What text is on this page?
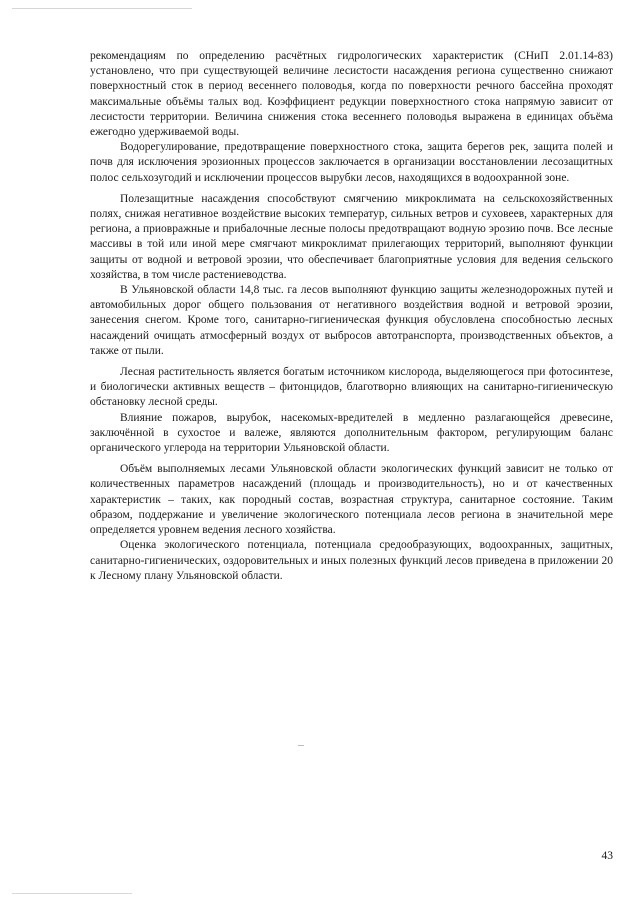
рекомендациям по определению расчётных гидрологических характеристик (СНиП 2.01.14-83) установлено, что при существующей величине лесистости насаждения региона существенно снижают поверхностный сток в период весеннего половодья, когда по поверхности речного бассейна проходят максимальные объёмы талых вод. Коэффициент редукции поверхностного стока напрямую зависит от лесистости территории. Величина снижения стока весеннего половодья выражена в единицах объёма ежегодно удерживаемой воды.

Водорегулирование, предотвращение поверхностного стока, защита берегов рек, защита полей и почв для исключения эрозионных процессов заключается в организации восстановлении лесозащитных полос сельхозугодий и исключении процессов вырубки лесов, находящихся в водоохранной зоне.

Полезащитные насаждения способствуют смягчению микроклимата на сельскохозяйственных полях, снижая негативное воздействие высоких температур, сильных ветров и суховеев, характерных для региона, а приовражные и прибалочные лесные полосы предотвращают водную эрозию почв. Все лесные массивы в той или иной мере смягчают микроклимат прилегающих территорий, выполняют функции защиты от водной и ветровой эрозии, что обеспечивает благоприятные условия для ведения сельского хозяйства, в том числе растениеводства.

В Ульяновской области 14,8 тыс. га лесов выполняют функцию защиты железнодорожных путей и автомобильных дорог общего пользования от негативного воздействия водной и ветровой эрозии, занесения снегом. Кроме того, санитарно-гигиеническая функция обусловлена способностью лесных насаждений очищать атмосферный воздух от выбросов автотранспорта, производственных объектов, а также от пыли.

Лесная растительность является богатым источником кислорода, выделяющегося при фотосинтезе, и биологически активных веществ – фитонцидов, благотворно влияющих на санитарно-гигиеническую обстановку лесной среды.

Влияние пожаров, вырубок, насекомых-вредителей в медленно разлагающейся древесине, заключённой в сухостое и валеже, являются дополнительным фактором, регулирующим баланс органического углерода на территории Ульяновской области.

Объём выполняемых лесами Ульяновской области экологических функций зависит не только от количественных параметров насаждений (площадь и производительность), но и от качественных характеристик – таких, как породный состав, возрастная структура, санитарное состояние. Таким образом, поддержание и увеличение экологического потенциала лесов региона в значительной мере определяется уровнем ведения лесного хозяйства.

Оценка экологического потенциала, потенциала средообразующих, водоохранных, защитных, санитарно-гигиенических, оздоровительных и иных полезных функций лесов приведена в приложении 20 к Лесному плану Ульяновской области.

43
